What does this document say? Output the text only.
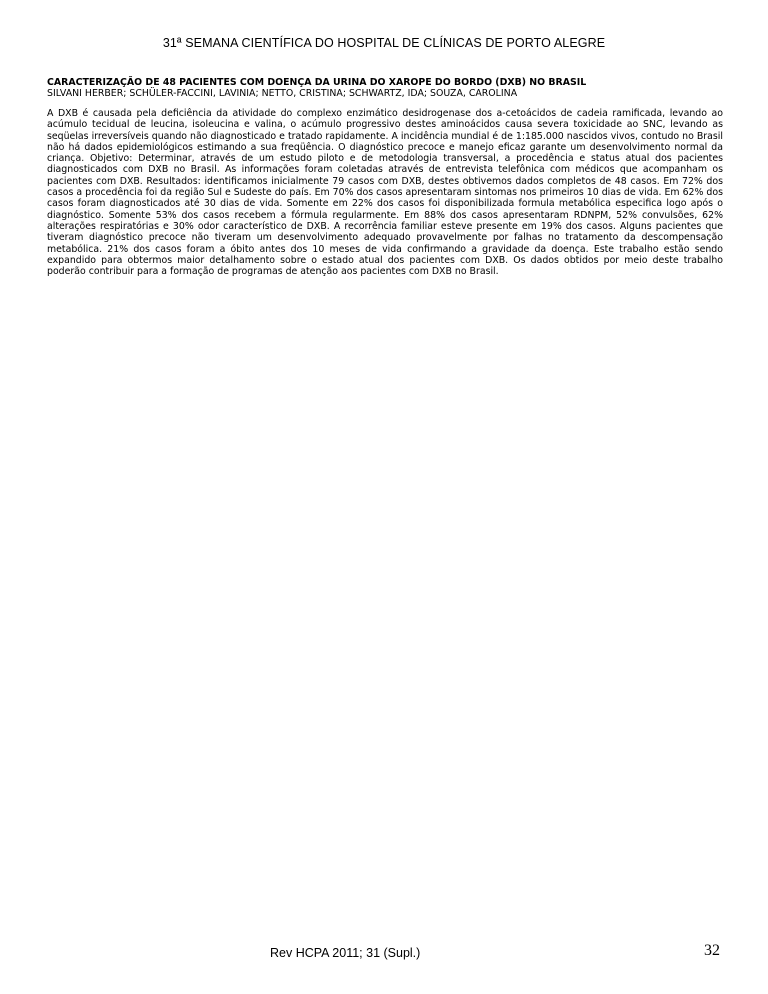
31ª SEMANA CIENTÍFICA DO HOSPITAL DE CLÍNICAS DE PORTO ALEGRE

CARACTERIZAÇÃO DE 48 PACIENTES COM DOENÇA DA URINA DO XAROPE DO BORDO (DXB) NO BRASIL

SILVANI HERBER; SCHÜLER-FACCINI, LAVINIA; NETTO, CRISTINA; SCHWARTZ, IDA; SOUZA, CAROLINA

A DXB é causada pela deficiência da atividade do complexo enzimático desidrogenase dos a-cetoácidos de cadeia ramificada, levando ao acúmulo tecidual de leucina, isoleucina e valina, o acúmulo progressivo destes aminoácidos causa severa toxicidade ao SNC, levando as seqüelas irreversíveis quando não diagnosticado e tratado rapidamente. A incidência mundial é de 1:185.000 nascidos vivos, contudo no Brasil não há dados epidemiológicos estimando a sua freqüência. O diagnóstico precoce e manejo eficaz garante um desenvolvimento normal da criança. Objetivo: Determinar, através de um estudo piloto e de metodologia transversal, a procedência e status atual dos pacientes diagnosticados com DXB no Brasil. As informações foram coletadas através de entrevista telefônica com médicos que acompanham os pacientes com DXB. Resultados: identificamos inicialmente 79 casos com DXB, destes obtivemos dados completos de 48 casos. Em 72% dos casos a procedência foi da região Sul e Sudeste do país. Em 70% dos casos apresentaram sintomas nos primeiros 10 dias de vida. Em 62% dos casos foram diagnosticados até 30 dias de vida. Somente em 22% dos casos foi disponibilizada formula metabólica especifica logo após o diagnóstico. Somente 53% dos casos recebem a fórmula regularmente. Em 88% dos casos apresentaram RDNPM, 52% convulsões, 62% alterações respiratórias e 30% odor característico de DXB. A recorrência familiar esteve presente em 19% dos casos. Alguns pacientes que tiveram diagnóstico precoce não tiveram um desenvolvimento adequado provavelmente por falhas no tratamento da descompensação metabólica. 21% dos casos foram a óbito antes dos 10 meses de vida confirmando a gravidade da doença. Este trabalho estão sendo expandido para obtermos maior detalhamento sobre o estado atual dos pacientes com DXB. Os dados obtidos por meio deste trabalho poderão contribuir para a formação de programas de atenção aos pacientes com DXB no Brasil.

Rev HCPA 2011; 31 (Supl.)	32
